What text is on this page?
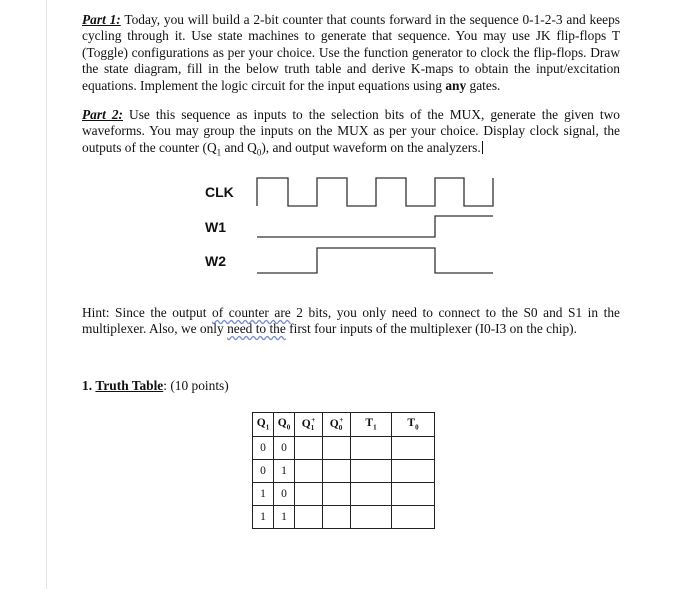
Part 1: Today, you will build a 2-bit counter that counts forward in the sequence 0-1-2-3 and keeps cycling through it. Use state machines to generate that sequence. You may use JK flip-flops T (Toggle) configurations as per your choice. Use the function generator to clock the flip-flops. Draw the state diagram, fill in the below truth table and derive K-maps to obtain the input/excitation equations. Implement the logic circuit for the input equations using any gates.
Part 2: Use this sequence as inputs to the selection bits of the MUX, generate the given two waveforms. You may group the inputs on the MUX as per your choice. Display clock signal, the outputs of the counter ($Q_1$ and $Q_0$), and output waveform on the analyzers.
CLK
W1
W2
Hint: Since the output of counter are 2 bits, you only need to connect to the S0 and S1 in the multiplexer. Also, we only need to the first four inputs of the multiplexer (I0-I3 on the chip).
1. Truth Table: (10 points)
$Q_1$	$Q_0$	$Q_1^+$	$Q_0^+$	$T_1$	$T_0$
0	0				
0	1				
1	0				
1	1				
